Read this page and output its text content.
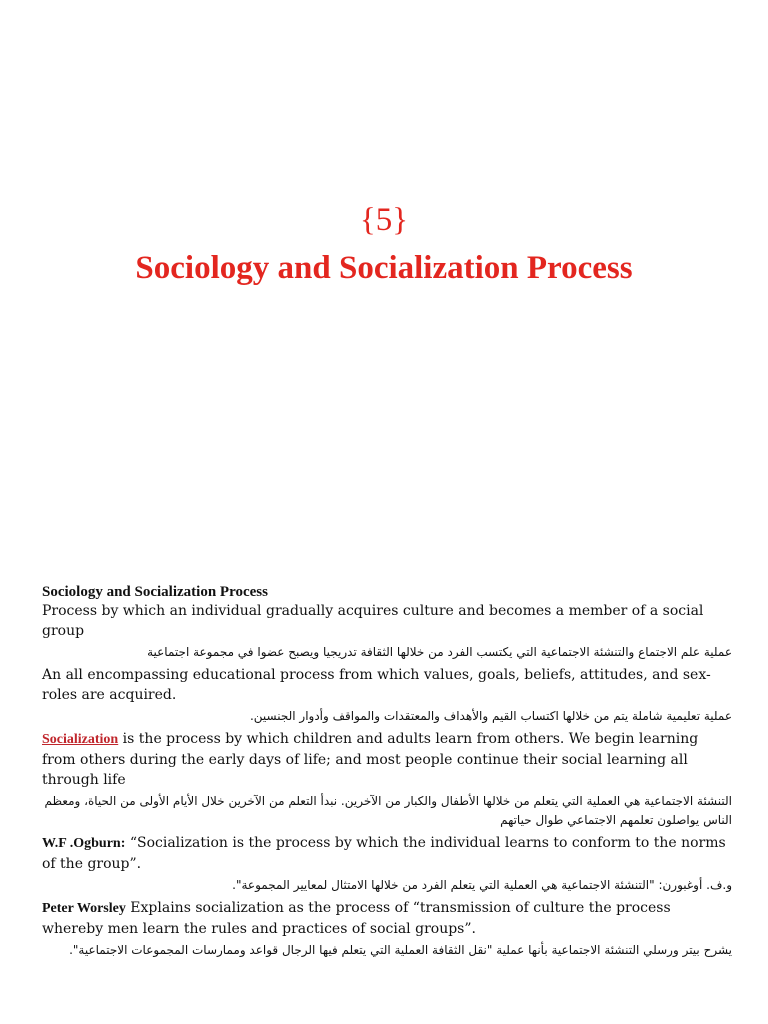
{5}
Sociology and Socialization Process

Sociology and Socialization Process

Process by which an individual gradually acquires culture and becomes a member of a social group

عملية علم الاجتماع والتنشئة الاجتماعية التي يكتسب الفرد من خلالها الثقافة تدريجيا ويصبح عضوا في مجموعة اجتماعية

An all encompassing educational process from which values, goals, beliefs, attitudes, and sex-roles are acquired.

عملية تعليمية شاملة يتم من خلالها اكتساب القيم والأهداف والمعتقدات والمواقف وأدوار الجنسين.

Socialization is the process by which children and adults learn from others. We begin learning from others during the early days of life; and most people continue their social learning all through life

التنشئة الاجتماعية هي العملية التي يتعلم من خلالها الأطفال والكبار من الآخرين. نبدأ التعلم من الآخرين خلال الأيام الأولى من الحياة، ومعظم الناس يواصلون تعلمهم الاجتماعي طوال حياتهم

W.F .Ogburn: “Socialization is the process by which the individual learns to conform to the norms of the group”.

و.ف. أوغبورن: "التنشئة الاجتماعية هي العملية التي يتعلم الفرد من خلالها الامتثال لمعايير المجموعة".

Peter Worsley Explains socialization as the process of “transmission of culture the process whereby men learn the rules and practices of social groups”.

يشرح بيتر ورسلي التنشئة الاجتماعية بأنها عملية "نقل الثقافة العملية التي يتعلم فيها الرجال قواعد وممارسات المجموعات الاجتماعية".
